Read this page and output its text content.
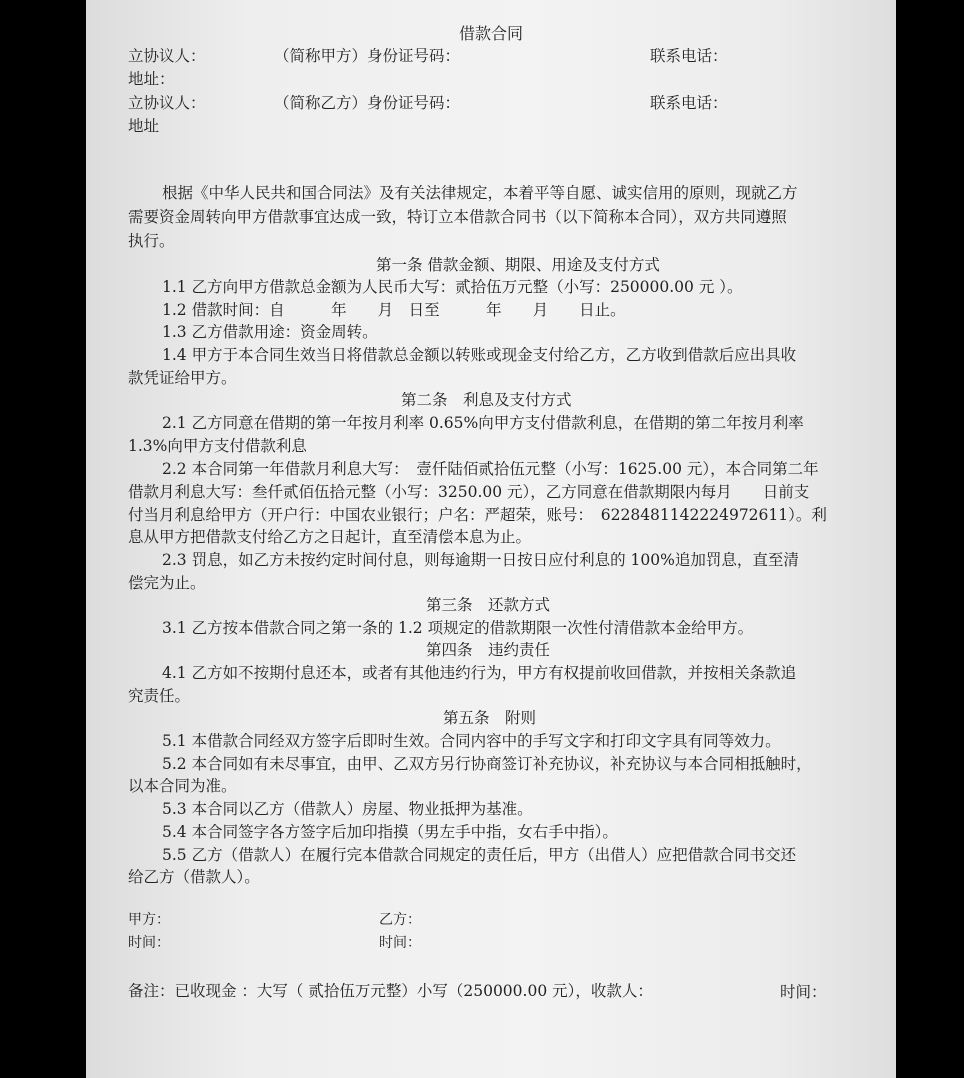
借款合同
立协议人：	（简称甲方）身份证号码：	联系电话：
地址：
立协议人：	（简称乙方）身份证号码：	联系电话：
地址
根据《中华人民共和国合同法》及有关法律规定，本着平等自愿、诚实信用的原则，现就乙方
需要资金周转向甲方借款事宜达成一致，特订立本借款合同书（以下简称本合同），双方共同遵照
执行。
第一条 借款金额、期限、用途及支付方式
1.1 乙方向甲方借款总金额为人民币大写：贰拾伍万元整（小写：250000.00 元 ）。
1.2 借款时间：自　　　年　　月　日至　　　年　　月　　日止。
1.3 乙方借款用途：资金周转。
1.4 甲方于本合同生效当日将借款总金额以转账或现金支付给乙方，乙方收到借款后应出具收
款凭证给甲方。
第二条　利息及支付方式
2.1 乙方同意在借期的第一年按月利率 0.65%向甲方支付借款利息，在借期的第二年按月利率
1.3%向甲方支付借款利息
2.2 本合同第一年借款月利息大写：　壹仟陆佰贰拾伍元整（小写：1625.00 元），本合同第二年
借款月利息大写：叁仟贰佰伍拾元整（小写：3250.00 元），乙方同意在借款期限内每月　　日前支
付当月利息给甲方（开户行：中国农业银行；户名：严超荣，账号：　6228481142224972611）。利
息从甲方把借款支付给乙方之日起计，直至清偿本息为止。
2.3 罚息，如乙方未按约定时间付息，则每逾期一日按日应付利息的 100%追加罚息，直至清
偿完为止。
第三条　还款方式
3.1 乙方按本借款合同之第一条的 1.2 项规定的借款期限一次性付清借款本金给甲方。
第四条　违约责任
4.1 乙方如不按期付息还本，或者有其他违约行为，甲方有权提前收回借款，并按相关条款追
究责任。
第五条　附则
5.1 本借款合同经双方签字后即时生效。合同内容中的手写文字和打印文字具有同等效力。
5.2 本合同如有未尽事宜，由甲、乙双方另行协商签订补充协议，补充协议与本合同相抵触时，
以本合同为准。
5.3 本合同以乙方（借款人）房屋、物业抵押为基准。
5.4 本合同签字各方签字后加印指摸（男左手中指，女右手中指）。
5.5 乙方（借款人）在履行完本借款合同规定的责任后，甲方（出借人）应把借款合同书交还
给乙方（借款人）。
甲方：	乙方：
时间：	时间：
备注：已收现金 ：大写（ 贰拾伍万元整）小写（250000.00 元），收款人：	时间：
